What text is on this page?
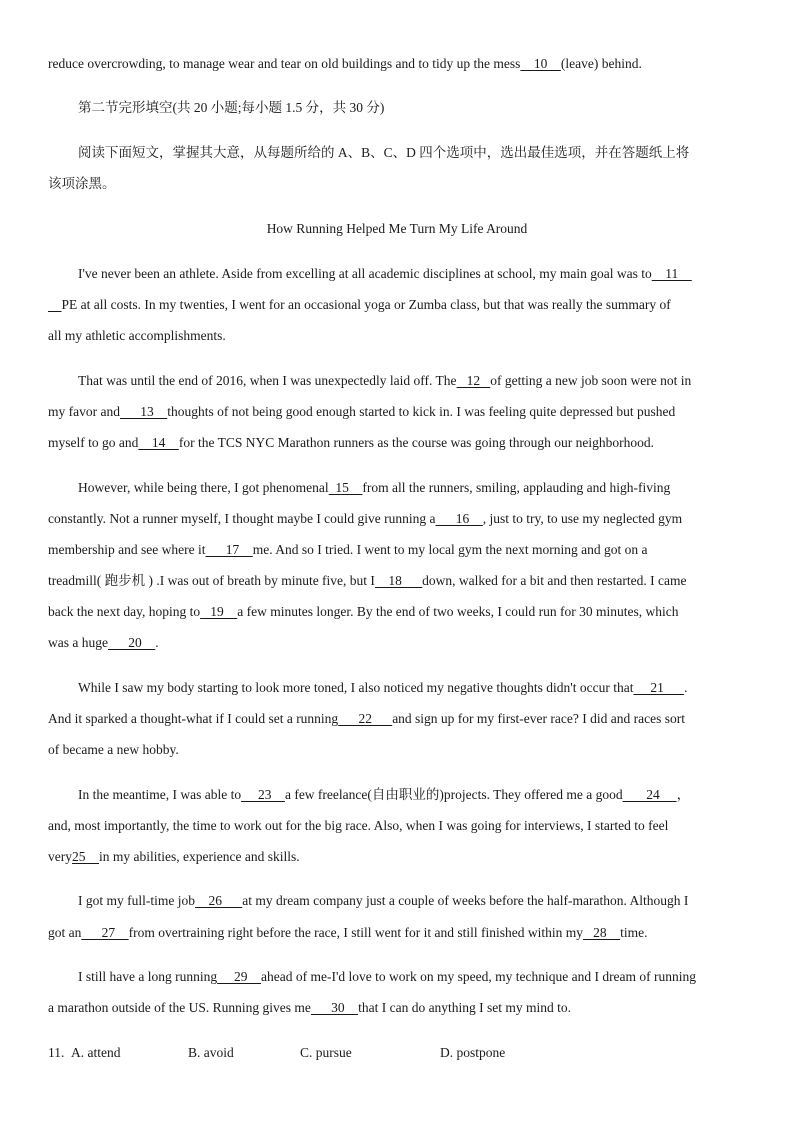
reduce overcrowding, to manage wear and tear on old buildings and to tidy up the mess    10    (leave) behind.
第二节完形填空(共 20 小题;每小题 1.5 分，共 30 分)
阅读下面短文，掌握其大意，从每题所给的 A、B、C、D 四个选项中，选出最佳选项，并在答题纸上将
该项涂黑。
How Running Helped Me Turn My Life Around
I've never been an athlete. Aside from excelling at all academic disciplines at school, my main goal was to    11
PE at all costs. In my twenties, I went for an occasional yoga or Zumba class, but that was really the summary of
all my athletic accomplishments.
That was until the end of 2016, when I was unexpectedly laid off. The   12   of getting a new job soon were not in
my favor and      13    thoughts of not being good enough started to kick in. I was feeling quite depressed but pushed
myself to go and    14    for the TCS NYC Marathon runners as the course was going through our neighborhood.
However, while being there, I got phenomenal  15    from all the runners, smiling, applauding and high-fiving
constantly. Not a runner myself, I thought maybe I could give running a      16    , just to try, to use my neglected gym
membership and see where it      17    me. And so I tried. I went to my local gym the next morning and got on a
treadmill( 跑步机 ) .I was out of breath by minute five, but I    18      down, walked for a bit and then restarted. I came
back the next day, hoping to   19    a few minutes longer. By the end of two weeks, I could run for 30 minutes, which
was a huge      20    .
While I saw my body starting to look more toned, I also noticed my negative thoughts didn't occur that     21      .
And it sparked a thought-what if I could set a running      22      and sign up for my first-ever race? I did and races sort
of became a new hobby.
In the meantime, I was able to     23    a few freelance(自由职业的)projects. They offered me a good       24     ，
and, most importantly, the time to work out for the big race. Also, when I was going for interviews, I started to feel
very25    in my abilities, experience and skills.
I got my full-time job    26      at my dream company just a couple of weeks before the half-marathon. Although I
got an      27    from overtraining right before the race, I still went for it and still finished within my   28    time.
I still have a long running     29    ahead of me-I'd love to work on my speed, my technique and I dream of running
a marathon outside of the US. Running gives me      30    that I can do anything I set my mind to.
11. A. attend	B. avoid	C. pursue	D. postpone
